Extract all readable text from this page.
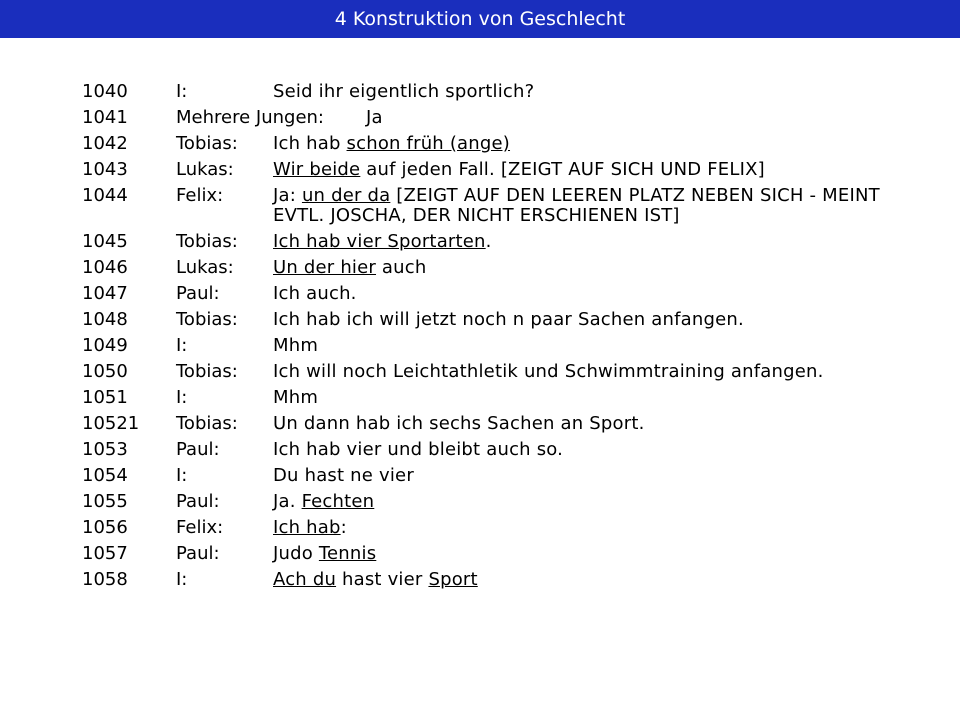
4 Konstruktion von Geschlecht
1040	I:	Seid ihr eigentlich sportlich?
1041	Mehrere Jungen:	Ja
1042	Tobias:	Ich hab schon früh (ange)
1043	Lukas:	Wir beide auf jeden Fall. [ZEIGT AUF SICH UND FELIX]
1044	Felix:	Ja: un der da [ZEIGT AUF DEN LEEREN PLATZ NEBEN SICH - MEINT EVTL. JOSCHA, DER NICHT ERSCHIENEN IST]
1045	Tobias:	Ich hab vier Sportarten.
1046	Lukas:	Un der hier auch
1047	Paul:	Ich auch.
1048	Tobias:	Ich hab ich will jetzt noch n paar Sachen anfangen.
1049	I:	Mhm
1050	Tobias:	Ich will noch Leichtathletik und Schwimmtraining anfangen.
1051	I:	Mhm
10521	Tobias:	Un dann hab ich sechs Sachen an Sport.
1053	Paul:	Ich hab vier und bleibt auch so.
1054	I:	Du hast ne vier
1055	Paul:	Ja. Fechten
1056	Felix:	Ich hab:
1057	Paul:	Judo Tennis
1058	I:	Ach du hast vier Sport
